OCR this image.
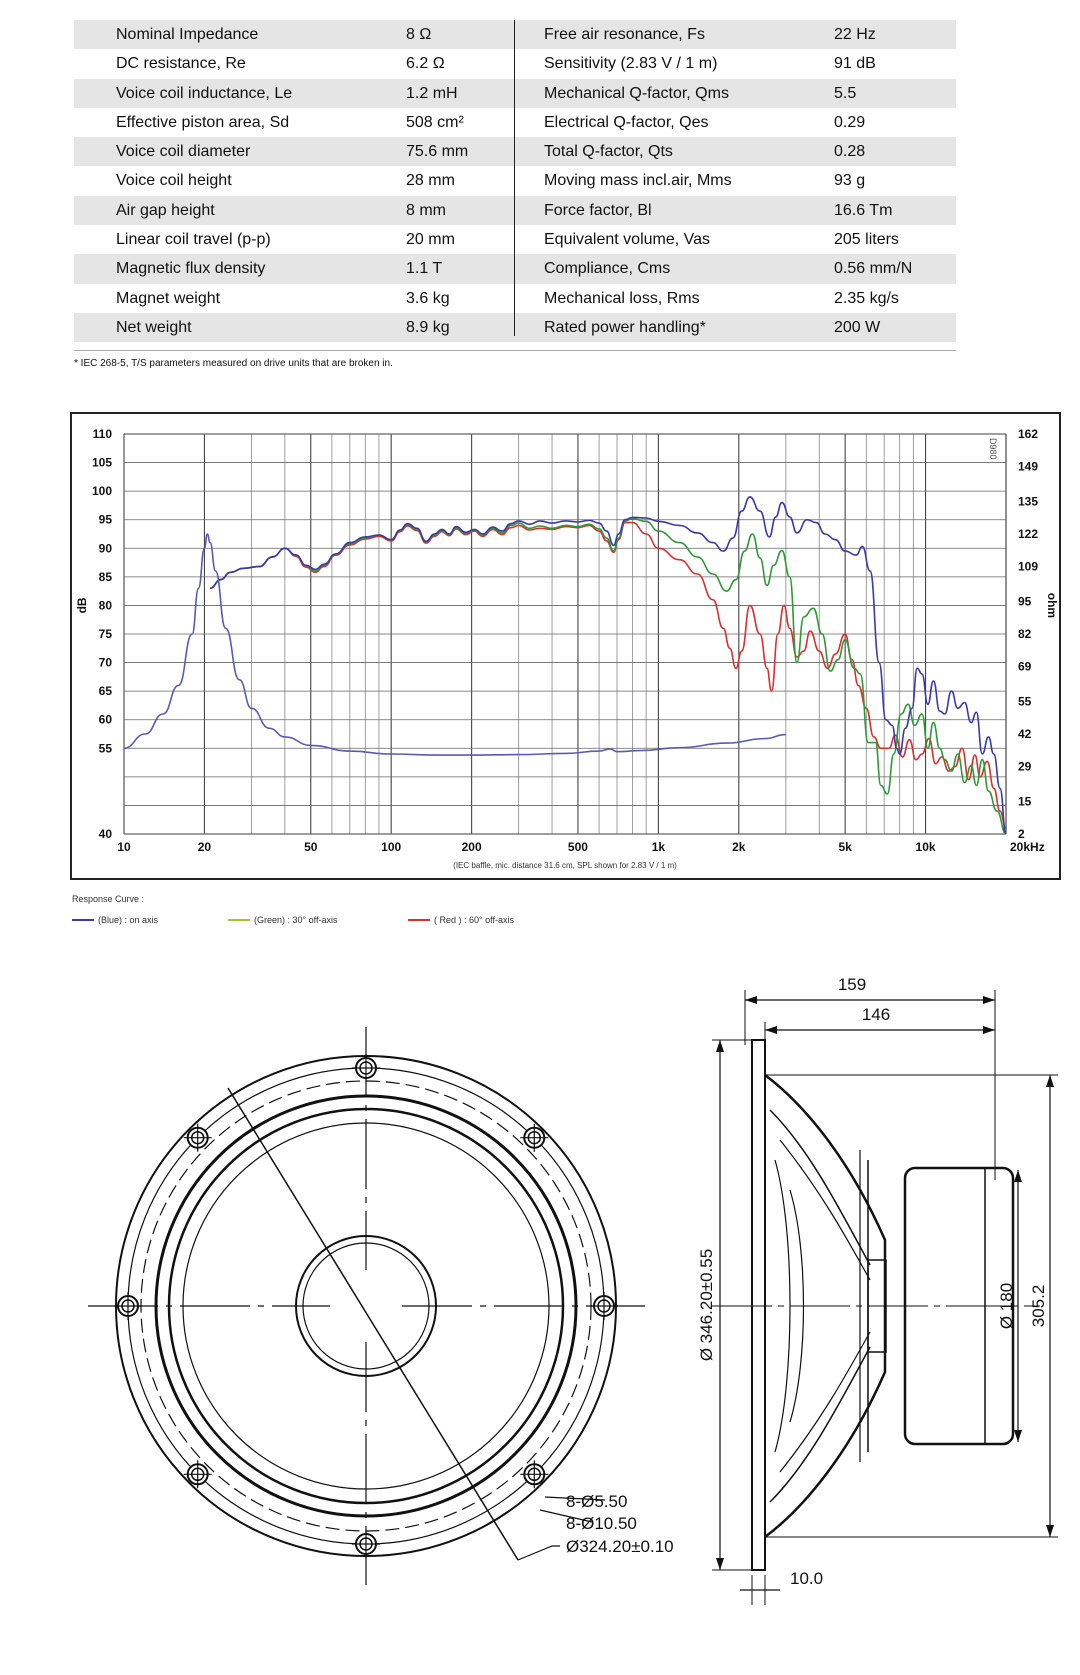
Nominal Impedance	8 Ω	Free air resonance, Fs	22 Hz
DC resistance, Re	6.2 Ω	Sensitivity (2.83 V / 1 m)	91 dB
Voice coil inductance, Le	1.2 mH	Mechanical Q-factor, Qms	5.5
Effective piston area, Sd	508 cm²	Electrical Q-factor, Qes	0.29
Voice coil diameter	75.6 mm	Total Q-factor, Qts	0.28
Voice coil height	28 mm	Moving mass incl.air, Mms	93 g
Air gap height	8 mm	Force factor, Bl	16.6 Tm
Linear coil travel (p-p)	20 mm	Equivalent volume, Vas	205 liters
Magnetic flux density	1.1 T	Compliance, Cms	0.56 mm/N
Magnet weight	3.6 kg	Mechanical loss, Rms	2.35 kg/s
Net weight	8.9 kg	Rated power handling*	200 W
* IEC 268-5, T/S parameters measured on drive units that are broken in.
110
105
100
95
90
85
80
75
70
65
60
55
40
162
149
135
122
109
95
82
69
55
42
29
15
2
10	20	50	100	200	500	1k	2k	5k	10k	20kHz
dB	ohm
(IEC baffle, mic. distance 31.6 cm, SPL shown for 2.83 V / 1 m)
D980
Response Curve :
(Blue) : on axis	(Green) : 30° off-axis	( Red ) : 60° off-axis
8-Ø5.50
8-Ø10.50
Ø324.20±0.10
159
146
Ø 346.20±0.55	Ø 180 305.2
10.0
